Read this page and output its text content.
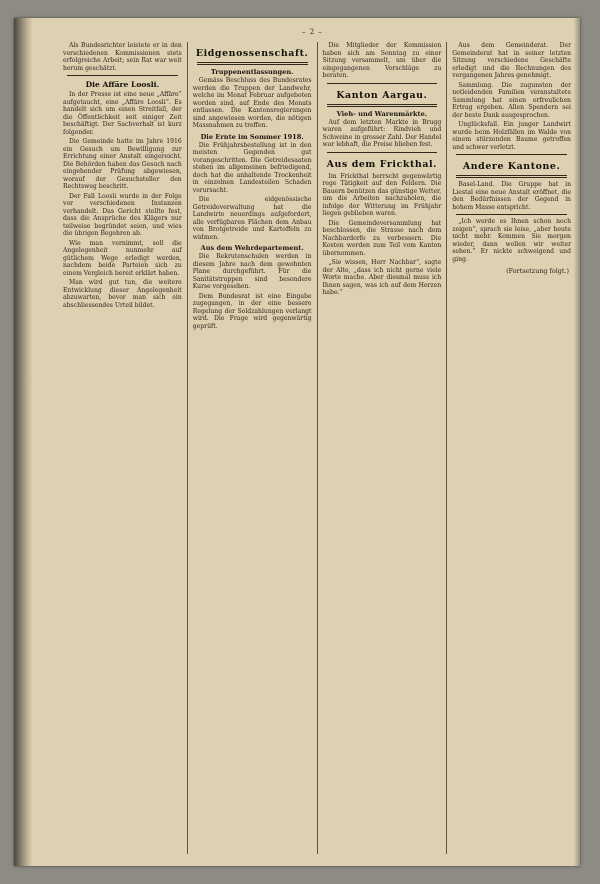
– 2 –
Als Bundesrichter leistete er in den verschiedenen Kommissionen stets erfolgreiche Arbeit; sein Rat war weit herum geschätzt.
Die Affäre Loosli.
In der Presse ist eine neue „Affäre“ aufgetaucht, eine „Affäre Loosli“. Es handelt sich um einen Streitfall, der die Öffentlichkeit seit einiger Zeit beschäftigt. Der Sachverhalt ist kurz folgender.
Die Gemeinde hatte im Jahre 1916 ein Gesuch um Bewilligung zur Errichtung einer Anstalt eingereicht. Die Behörden haben das Gesuch nach eingehender Prüfung abgewiesen, worauf der Gesuchsteller den Rechtsweg beschritt.
Der Fall Loosli wurde in der Folge vor verschiedenen Instanzen verhandelt. Das Gericht stellte fest, dass die Ansprüche des Klägers nur teilweise begründet seien, und wies die übrigen Begehren ab.
Wie man vernimmt, soll die Angelegenheit nunmehr auf gütlichem Wege erledigt werden, nachdem beide Parteien sich zu einem Vergleich bereit erklärt haben.
Man wird gut tun, die weitere Entwicklung dieser Angelegenheit abzuwarten, bevor man sich ein abschliessendes Urteil bildet.
Eidgenossenschaft.
Truppenentlassungen.
Gemäss Beschluss des Bundesrates werden die Truppen der Landwehr, welche im Monat Februar aufgeboten worden sind, auf Ende des Monats entlassen. Die Kantonsregierungen sind angewiesen worden, die nötigen Massnahmen zu treffen.
Die Ernte im Sommer 1918.
Die Frühjahrsbestellung ist in den meisten Gegenden gut vorangeschritten. Die Getreidesaaten stehen im allgemeinen befriedigend, doch hat die anhaltende Trockenheit in einzelnen Landesteilen Schaden verursacht.
Die eidgenössische Getreideverwaltung hat die Landwirte neuerdings aufgefordert, alle verfügbaren Flächen dem Anbau von Brotgetreide und Kartoffeln zu widmen.
Aus dem Wehrdepartement.
Die Rekrutenschulen werden in diesem Jahre nach dem gewohnten Plane durchgeführt. Für die Sanitätstruppen sind besondere Kurse vorgesehen.
Dem Bundesrat ist eine Eingabe zugegangen, in der eine bessere Regelung der Soldzahlungen verlangt wird. Die Frage wird gegenwärtig geprüft.
Die Mitglieder der Kommission haben sich am Sonntag zu einer Sitzung versammelt, um über die eingegangenen Vorschläge zu beraten.
Kanton Aargau.
Vieh- und Warenmärkte.
Auf dem letzten Markte in Brugg waren aufgeführt: Rindvieh und Schweine in grosser Zahl. Der Handel war lebhaft, die Preise blieben fest.
Aus dem Frickthal.
Im Frickthal herrscht gegenwärtig rege Tätigkeit auf den Feldern. Die Bauern benützen das günstige Wetter, um die Arbeiten nachzuholen, die infolge der Witterung im Frühjahr liegen geblieben waren.
Die Gemeindeversammlung hat beschlossen, die Strasse nach dem Nachbardorfe zu verbessern. Die Kosten werden zum Teil vom Kanton übernommen.
„Sie wissen, Herr Nachbar“, sagte der Alte, „dass ich nicht gerne viele Worte mache. Aber diesmal muss ich Ihnen sagen, was ich auf dem Herzen habe.“
Aus dem Gemeinderat. Der Gemeinderat hat in seiner letzten Sitzung verschiedene Geschäfte erledigt und die Rechnungen des vergangenen Jahres genehmigt.
Sammlung. Die zugunsten der notleidenden Familien veranstaltete Sammlung hat einen erfreulichen Ertrag ergeben. Allen Spendern sei der beste Dank ausgesprochen.
Unglücksfall. Ein junger Landwirt wurde beim Holzfällen im Walde von einem stürzenden Baume getroffen und schwer verletzt.
Andere Kantone.
Basel-Land. Die Gruppe hat in Liestal eine neue Anstalt eröffnet, die den Bedürfnissen der Gegend in hohem Masse entspricht.
„Ich werde es Ihnen schon noch zeigen“, sprach sie leise, „aber heute nicht mehr. Kommen Sie morgen wieder, dann wollen wir weiter sehen.“ Er nickte schweigend und ging.
(Fortsetzung folgt.)
